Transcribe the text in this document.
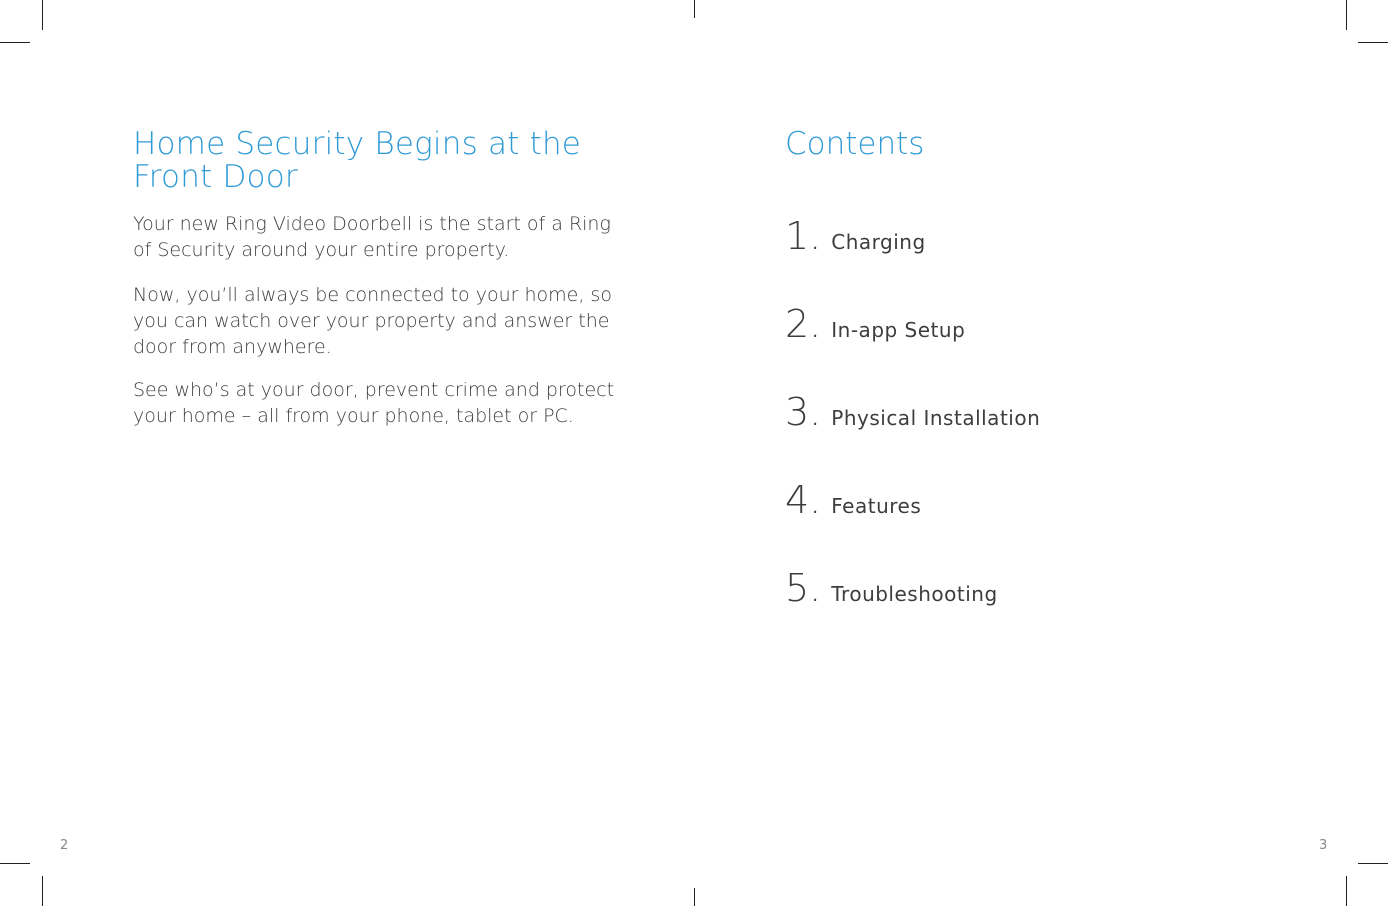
Home Security Begins at the Front Door

Your new Ring Video Doorbell is the start of a Ring of Security around your entire property.

Now, you’ll always be connected to your home, so you can watch over your property and answer the door from anywhere.

See who’s at your door, prevent crime and protect your home – all from your phone, tablet or PC.

2
Contents
1. Charging
2. In-app Setup
3. Physical Installation
4. Features
5. Troubleshooting
3
